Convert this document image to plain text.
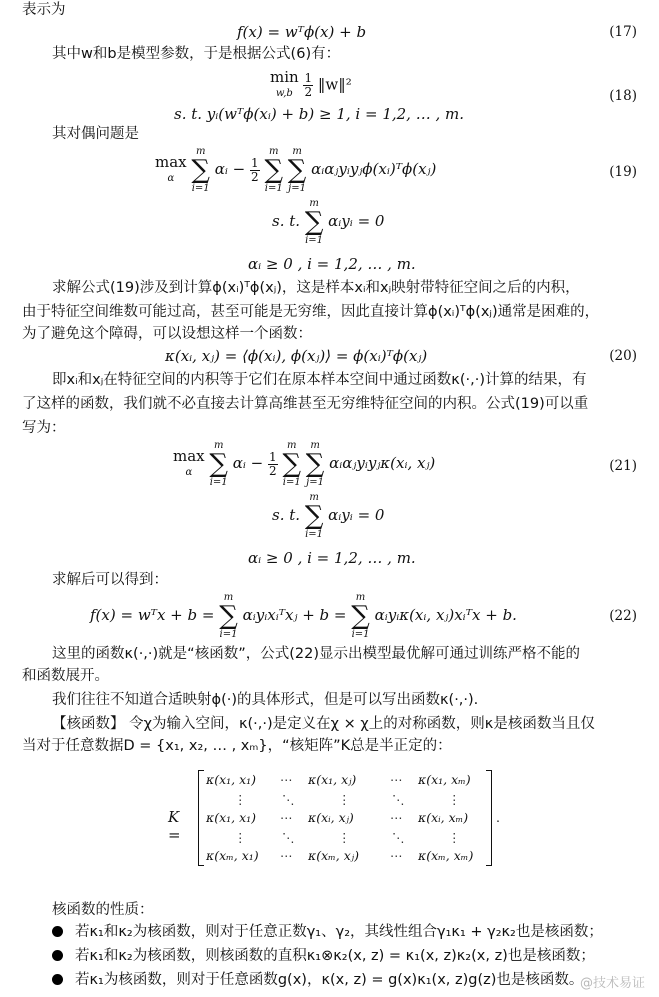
表示为
f(x) = wᵀϕ(x) + b	(17)
其中w和b是模型参数，于是根据公式(6)有：
min
$w,b \frac{1}{2}$ ‖w‖²
(18)
s. t. yᵢ(wᵀϕ(xᵢ) + b) ≥ 1, i = 1,2, … , m.
其对偶问题是
max
α
m
∑
i=1
αᵢ − $\frac{1}{2}$

m
∑
i=1

m
∑
j=1
αᵢαⱼyᵢyⱼϕ(xᵢ)ᵀϕ(xⱼ)	(19)
s. t.
m
∑
i=1
αᵢyᵢ = 0
αᵢ ≥ 0 , i = 1,2, … , m.
求解公式(19)涉及到计算ϕ(xᵢ)ᵀϕ(xⱼ)，这是样本xᵢ和xⱼ映射带特征空间之后的内积，
由于特征空间维数可能过高，甚至可能是无穷维，因此直接计算ϕ(xᵢ)ᵀϕ(xⱼ)通常是困难的，
为了避免这个障碍，可以设想这样一个函数：
κ(xᵢ, xⱼ) = ⟨ϕ(xᵢ), ϕ(xⱼ)⟩ = ϕ(xᵢ)ᵀϕ(xⱼ)	(20)
即xᵢ和xⱼ在特征空间的内积等于它们在原本样本空间中通过函数κ(·,·)计算的结果，有
了这样的函数，我们就不必直接去计算高维甚至无穷维特征空间的内积。公式(19)可以重
写为：
max
α
m
∑
i=1
αᵢ − $\frac{1}{2}$

m
∑
i=1

m
∑
j=1
αᵢαⱼyᵢyⱼκ(xᵢ, xⱼ)	(21)
s. t.
m
∑
i=1
αᵢyᵢ = 0
αᵢ ≥ 0 , i = 1,2, … , m.
求解后可以得到：
f(x) = wᵀx + b =
m
∑
i=1
αᵢyᵢxᵢᵀxⱼ + b =
m
∑
i=1
αᵢyᵢκ(xᵢ, xⱼ)xᵢᵀx + b.	(22)
这里的函数κ(·,·)就是“核函数”，公式(22)显示出模型最优解可通过训练严格不能的
和函数展开。
我们往往不知道合适映射ϕ(·)的具体形式，但是可以写出函数κ(·,·).
【核函数】 令χ为输入空间，κ(·,·)是定义在χ × χ上的对称函数，则κ是核函数当且仅
当对于任意数据D = {x₁, x₂, … , xₘ}，“核矩阵”K总是半正定的：
K =
κ(x₁, x₁) ⋯ κ(x₁, xⱼ)	⋯ κ(x₁, xₘ)
⋮	⋱	⋮	⋱	⋮
κ(x₁, x₁) ⋯ κ(xᵢ, xⱼ)	⋯ κ(xᵢ, xₘ)
⋮	⋱	⋮	⋱	⋮
κ(xₘ, x₁) ⋯ κ(xₘ, xⱼ) ⋯ κ(xₘ, xₘ)
.
核函数的性质：
若κ₁和κ₂为核函数，则对于任意正数γ₁、γ₂，其线性组合γ₁κ₁ + γ₂κ₂也是核函数；
若κ₁和κ₂为核函数，则核函数的直积κ₁⊗κ₂(x, z) = κ₁(x, z)κ₂(x, z)也是核函数；
若κ₁为核函数，则对于任意函数g(x)，κ(x, z) = g(x)κ₁(x, z)g(z)也是核函数。
@技术易证
